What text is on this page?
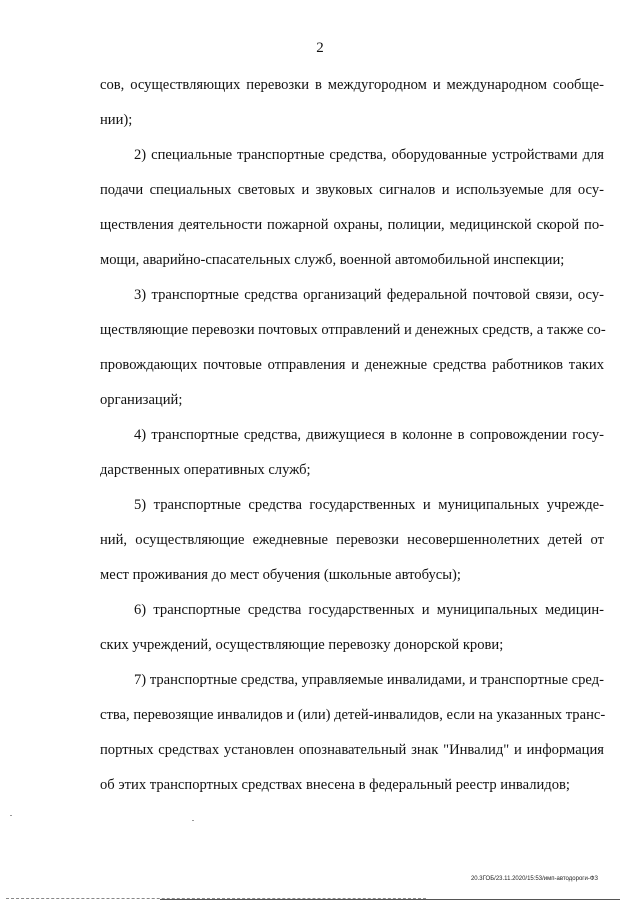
2
сов, осуществляющих перевозки в междугородном и международном сообще-
нии);
2) специальные транспортные средства, оборудованные устройствами для
подачи специальных световых и звуковых сигналов и используемые для осу-
ществления деятельности пожарной охраны, полиции, медицинской скорой по-
мощи, аварийно-спасательных служб, военной автомобильной инспекции;
3) транспортные средства организаций федеральной почтовой связи, осу-
ществляющие перевозки почтовых отправлений и денежных средств, а также со-
провождающих почтовые отправления и денежные средства работников таких
организаций;
4) транспортные средства, движущиеся в колонне в сопровождении госу-
дарственных оперативных служб;
5) транспортные средства государственных и муниципальных учрежде-
ний, осуществляющие ежедневные перевозки несовершеннолетних детей от
мест проживания до мест обучения (школьные автобусы);
6) транспортные средства государственных и муниципальных медицин-
ских учреждений, осуществляющие перевозку донорской крови;
7) транспортные средства, управляемые инвалидами, и транспортные сред-
ства, перевозящие инвалидов и (или) детей-инвалидов, если на указанных транс-
портных средствах установлен опознавательный знак "Инвалид" и информация
об этих транспортных средствах внесена в федеральный реестр инвалидов;
20.3ГОБ/23.11.2020/15:53/имп-автодороги-ФЗ
